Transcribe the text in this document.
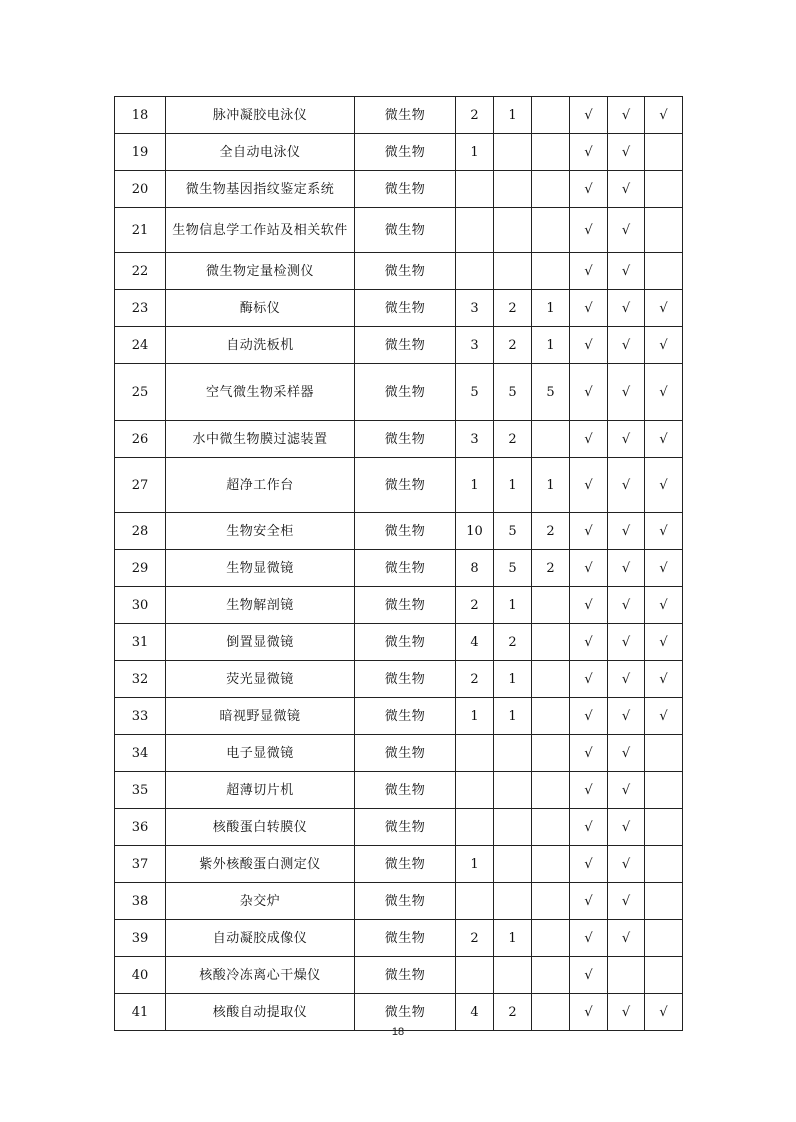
18	脉冲凝胶电泳仪	微生物	2	1		√	√	√
19	全自动电泳仪	微生物	1			√	√	
20	微生物基因指纹鉴定系统	微生物				√	√	
21	生物信息学工作站及相关软件	微生物				√	√	
22	微生物定量检测仪	微生物				√	√	
23	酶标仪	微生物	3	2	1	√	√	√
24	自动洗板机	微生物	3	2	1	√	√	√
25	空气微生物采样器	微生物	5	5	5	√	√	√
26	水中微生物膜过滤装置	微生物	3	2		√	√	√
27	超净工作台	微生物	1	1	1	√	√	√
28	生物安全柜	微生物	10	5	2	√	√	√
29	生物显微镜	微生物	8	5	2	√	√	√
30	生物解剖镜	微生物	2	1		√	√	√
31	倒置显微镜	微生物	4	2		√	√	√
32	荧光显微镜	微生物	2	1		√	√	√
33	暗视野显微镜	微生物	1	1		√	√	√
34	电子显微镜	微生物				√	√	
35	超薄切片机	微生物				√	√	
36	核酸蛋白转膜仪	微生物				√	√	
37	紫外核酸蛋白测定仪	微生物	1			√	√	
38	杂交炉	微生物				√	√	
39	自动凝胶成像仪	微生物	2	1		√	√	
40	核酸冷冻离心干燥仪	微生物				√		
41	核酸自动提取仪	微生物	4	2		√	√	√
18
